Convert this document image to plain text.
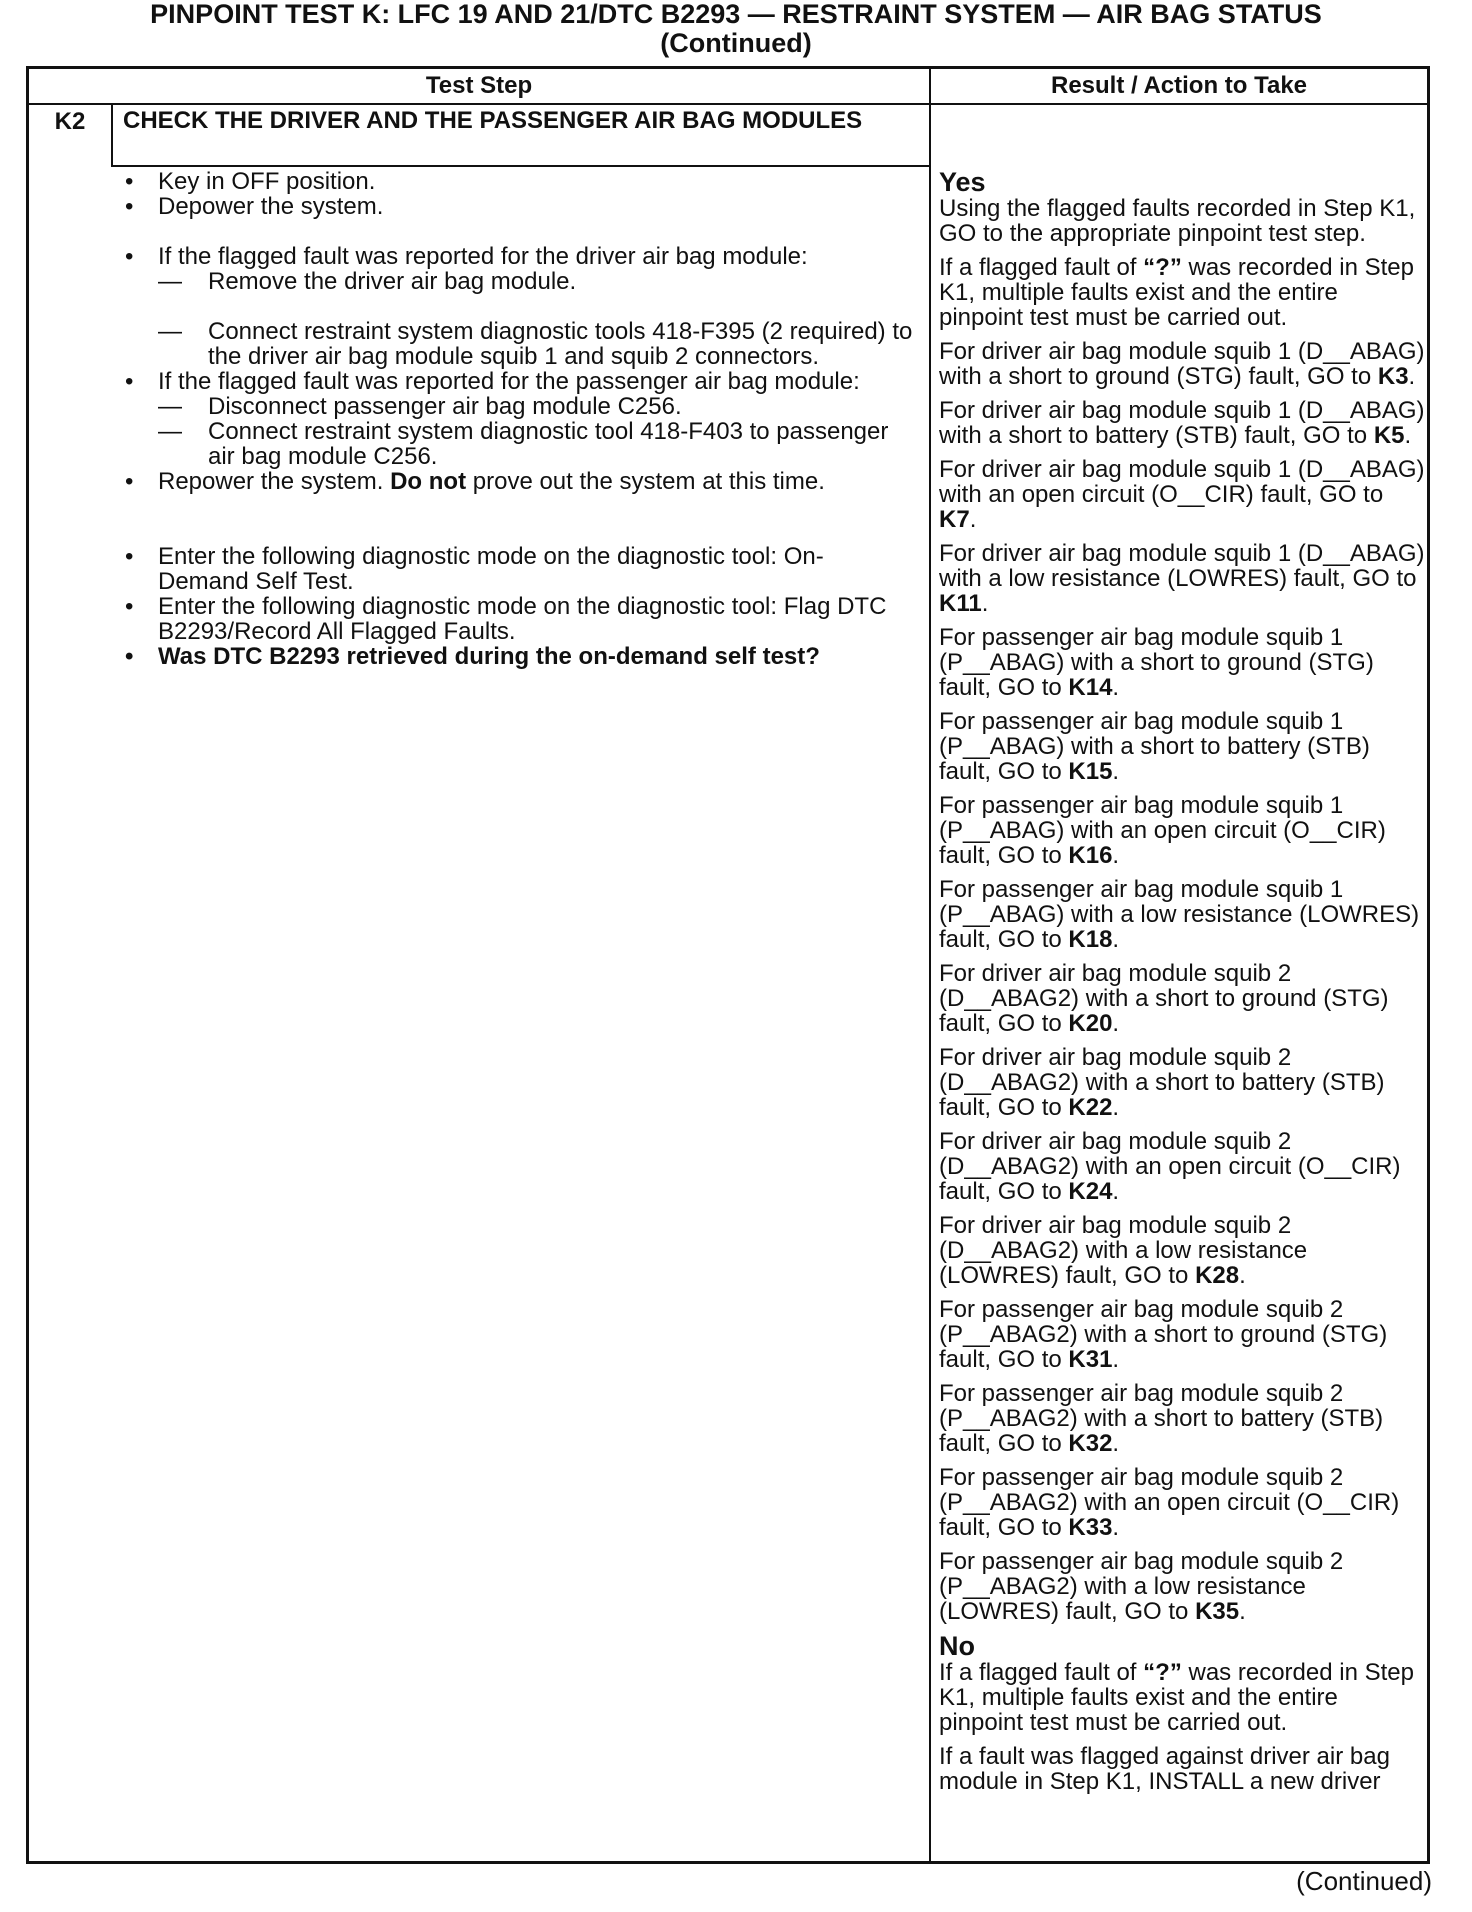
PINPOINT TEST K: LFC 19 AND 21/DTC B2293 — RESTRAINT SYSTEM — AIR BAG STATUS
(Continued)
Test Step	Result / Action to Take
K2	CHECK THE DRIVER AND THE PASSENGER AIR BAG MODULES
• Key in OFF position.
• Depower the system.
• If the flagged fault was reported for the driver air bag module:
— Remove the driver air bag module.
— Connect restraint system diagnostic tools 418-F395 (2 required) to the driver air bag module squib 1 and squib 2 connectors.
• If the flagged fault was reported for the passenger air bag module:
— Disconnect passenger air bag module C256.
— Connect restraint system diagnostic tool 418-F403 to passenger air bag module C256.
• Repower the system. Do not prove out the system at this time.
• Enter the following diagnostic mode on the diagnostic tool: On-Demand Self Test.
• Enter the following diagnostic mode on the diagnostic tool: Flag DTC B2293/Record All Flagged Faults.
• Was DTC B2293 retrieved during the on-demand self test?

Yes

Using the flagged faults recorded in Step K1, GO to the appropriate pinpoint test step.

If a flagged fault of “?” was recorded in Step K1, multiple faults exist and the entire pinpoint test must be carried out.

For driver air bag module squib 1 (D__ABAG) with a short to ground (STG) fault, GO to K3.

For driver air bag module squib 1 (D__ABAG) with a short to battery (STB) fault, GO to K5.

For driver air bag module squib 1 (D__ABAG) with an open circuit (O__CIR) fault, GO to K7.

For driver air bag module squib 1 (D__ABAG) with a low resistance (LOWRES) fault, GO to K11.

For passenger air bag module squib 1 (P__ABAG) with a short to ground (STG) fault, GO to K14.

For passenger air bag module squib 1 (P__ABAG) with a short to battery (STB) fault, GO to K15.

For passenger air bag module squib 1 (P__ABAG) with an open circuit (O__CIR) fault, GO to K16.

For passenger air bag module squib 1 (P__ABAG) with a low resistance (LOWRES) fault, GO to K18.

For driver air bag module squib 2 (D__ABAG2) with a short to ground (STG) fault, GO to K20.

For driver air bag module squib 2 (D__ABAG2) with a short to battery (STB) fault, GO to K22.

For driver air bag module squib 2 (D__ABAG2) with an open circuit (O__CIR) fault, GO to K24.

For driver air bag module squib 2 (D__ABAG2) with a low resistance (LOWRES) fault, GO to K28.

For passenger air bag module squib 2 (P__ABAG2) with a short to ground (STG) fault, GO to K31.

For passenger air bag module squib 2 (P__ABAG2) with a short to battery (STB) fault, GO to K32.

For passenger air bag module squib 2 (P__ABAG2) with an open circuit (O__CIR) fault, GO to K33.

For passenger air bag module squib 2 (P__ABAG2) with a low resistance (LOWRES) fault, GO to K35.

No

If a flagged fault of “?” was recorded in Step K1, multiple faults exist and the entire pinpoint test must be carried out.

If a fault was flagged against driver air bag module in Step K1, INSTALL a new driver

(Continued)
